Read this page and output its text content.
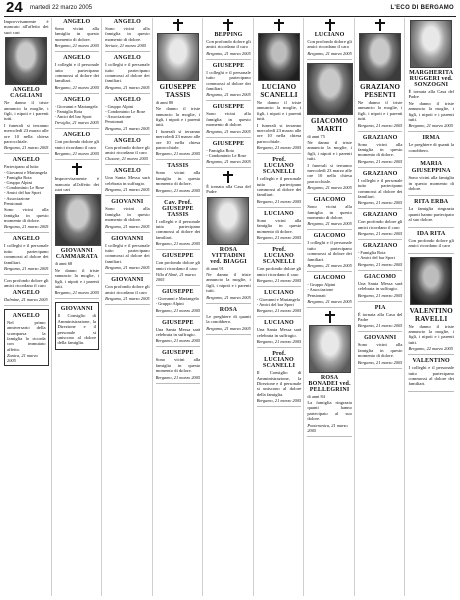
24 martedì 22 marzo 2005	L'ECO DI BERGAMO

Improvvisamente è mancato all'affetto dei suoi cari

ANGELO CAGLIANI

Ne danno il triste annuncio la moglie, i figli, i nipoti e i parenti tutti.

I funerali si terranno mercoledì 23 marzo alle ore 10 nella chiesa parrocchiale.

Bergamo, 21 marzo 2005

ANGELO

Partecipano al lutto:

- Giovanni e Mariangela

- Famiglia Rota

- Gruppo Alpini

- Condominio Le Rose

- Amici del bar Sport

- Associazione Pensionati

Sono vicini alla famiglia in questo momento di dolore.

Bergamo, 21 marzo 2005

ANGELO

I colleghi e il personale tutto partecipano commossi al dolore dei familiari.

Bergamo, 21 marzo 2005

Con profondo dolore gli amici ricordano il caro

ANGELO

Dalmine, 21 marzo 2005

ANGELO

Nel primo anniversario della scomparsa la famiglia lo ricorda con immutato affetto.

Zanica, 21 marzo 2005

ANGELO

Sono vicini alla famiglia in questo momento di dolore.

Bergamo, 21 marzo 2005

ANGELO

I colleghi e il personale tutto partecipano commossi al dolore dei familiari.

Bergamo, 21 marzo 2005

ANGELO

- Giovanni e Mariangela

- Famiglia Rota

- Amici del bar Sport

Treviglio, 21 marzo 2005

ANGELO

Con profondo dolore gli amici ricordano il caro

Bergamo, 21 marzo 2005

Improvvisamente è mancato all'affetto dei suoi cari

GIOVANNI CAMMARATA

di anni 68

Ne danno il triste annuncio la moglie, i figli, i nipoti e i parenti tutti.

Bergamo, 21 marzo 2005

GIOVANNI

Il Consiglio di Amministrazione, la Direzione e il personale si uniscono al dolore della famiglia.

ANGELO

Sono vicini alla famiglia in questo momento di dolore.

Seriate, 21 marzo 2005

ANGELO

I colleghi e il personale tutto partecipano commossi al dolore dei familiari.

Bergamo, 21 marzo 2005

ANGELO

- Gruppo Alpini

- Condominio Le Rose

- Associazione Pensionati

Bergamo, 21 marzo 2005

ANGELO

Con profondo dolore gli amici ricordano il caro

Clusone, 21 marzo 2005

ANGELO

Una Santa Messa sarà celebrata in suffragio.

Bergamo, 21 marzo 2005

GIOVANNI

Sono vicini alla famiglia in questo momento di dolore.

Bergamo, 21 marzo 2005

GIOVANNI

I colleghi e il personale tutto partecipano commossi al dolore dei familiari.

Bergamo, 21 marzo 2005

GIOVANNI

Con profondo dolore gli amici ricordano il caro

Bergamo, 21 marzo 2005

GIUSEPPE TASSIS

di anni 80

Ne danno il triste annuncio la moglie, i figli, i nipoti e i parenti tutti.

I funerali si terranno mercoledì 23 marzo alle ore 10 nella chiesa parrocchiale.

Bergamo, 21 marzo 2005

TASSIS

Sono vicini alla famiglia in questo momento di dolore.

Bergamo, 21 marzo 2005

Cav. Prof. GIUSEPPE TASSIS

I colleghi e il personale tutto partecipano commossi al dolore dei familiari.

Bergamo, 21 marzo 2005

GIUSEPPE

Con profondo dolore gli amici ricordano il caro

Villa d'Almè, 21 marzo 2005

GIUSEPPE

- Giovanni e Mariangela

- Gruppo Alpini

Bergamo, 21 marzo 2005

GIUSEPPE

Una Santa Messa sarà celebrata in suffragio.

Bergamo, 21 marzo 2005

GIUSEPPE

Sono vicini alla famiglia in questo momento di dolore.

Bergamo, 21 marzo 2005

BEPPING

Con profondo dolore gli amici ricordano il caro

Bergamo, 21 marzo 2005

GIUSEPPE

I colleghi e il personale tutto partecipano commossi al dolore dei familiari.

Bergamo, 21 marzo 2005

GIUSEPPE

Sono vicini alla famiglia in questo momento di dolore.

Bergamo, 21 marzo 2005

GIUSEPPE

- Famiglia Rota

- Condominio Le Rose

Bergamo, 21 marzo 2005

È tornata alla Casa del Padre

ROSA VITTADINI ved. BIAGGI

di anni 91

Ne danno il triste annuncio la moglie, i figli, i nipoti e i parenti tutti.

Bergamo, 21 marzo 2005

ROSA

Le preghiere di quanti la conobbero.

Bergamo, 21 marzo 2005

LUCIANO SCANELLI

Ne danno il triste annuncio la moglie, i figli, i nipoti e i parenti tutti.

I funerali si terranno mercoledì 23 marzo alle ore 10 nella chiesa parrocchiale.

Bergamo, 21 marzo 2005

Prof. LUCIANO SCANELLI

I colleghi e il personale tutto partecipano commossi al dolore dei familiari.

Bergamo, 21 marzo 2005

LUCIANO

Sono vicini alla famiglia in questo momento di dolore.

Bergamo, 21 marzo 2005

Prof. LUCIANO SCANELLI

Con profondo dolore gli amici ricordano il caro

Bergamo, 21 marzo 2005

LUCIANO

- Giovanni e Mariangela

- Amici del bar Sport

Bergamo, 21 marzo 2005

LUCIANO

Una Santa Messa sarà celebrata in suffragio.

Bergamo, 21 marzo 2005

Prof. LUCIANO SCANELLI

Il Consiglio di Amministrazione, la Direzione e il personale si uniscono al dolore della famiglia.

Bergamo, 21 marzo 2005

LUCIANO

Con profondo dolore gli amici ricordano il caro

Bergamo, 21 marzo 2005

GIACOMO MARTI

di anni 75

Ne danno il triste annuncio la moglie, i figli, i nipoti e i parenti tutti.

I funerali si terranno mercoledì 23 marzo alle ore 10 nella chiesa parrocchiale.

Bergamo, 21 marzo 2005

GIACOMO

Sono vicini alla famiglia in questo momento di dolore.

Bergamo, 21 marzo 2005

GIACOMO

I colleghi e il personale tutto partecipano commossi al dolore dei familiari.

Bergamo, 21 marzo 2005

GIACOMO

- Gruppo Alpini

- Associazione Pensionati

Bergamo, 21 marzo 2005

ROSA BONADEI ved. PELLEGRINI

di anni 84

La famiglia ringrazia quanti hanno partecipato al suo dolore.

Ponteranica, 21 marzo 2005

GRAZIANO PESENTI

Ne danno il triste annuncio la moglie, i figli, i nipoti e i parenti tutti.

Bergamo, 21 marzo 2005

GRAZIANO

Sono vicini alla famiglia in questo momento di dolore.

Bergamo, 21 marzo 2005

GRAZIANO

I colleghi e il personale tutto partecipano commossi al dolore dei familiari.

Bergamo, 21 marzo 2005

GRAZIANO

Con profondo dolore gli amici ricordano il caro

Bergamo, 21 marzo 2005

GRAZIANO

- Famiglia Rota

- Amici del bar Sport

Bergamo, 21 marzo 2005

GIACOMO

Una Santa Messa sarà celebrata in suffragio.

Bergamo, 21 marzo 2005

PIA

È tornata alla Casa del Padre

Bergamo, 21 marzo 2005

GIOVANNI

Sono vicini alla famiglia in questo momento di dolore.

Bergamo, 21 marzo 2005

MARGHERITA RUGGERI ved. SONZOGNI

È tornata alla Casa del Padre

Ne danno il triste annuncio la moglie, i figli, i nipoti e i parenti tutti.

Bergamo, 21 marzo 2005

IRMA

Le preghiere di quanti la conobbero.

MARIA

GIUSEPPINA

Sono vicini alla famiglia in questo momento di dolore.

RITA ERBA

La famiglia ringrazia quanti hanno partecipato al suo dolore.

IDA RITA

Con profondo dolore gli amici ricordano il caro

VALENTINO RAVELLI

Ne danno il triste annuncio la moglie, i figli, i nipoti e i parenti tutti.

Bergamo, 22 marzo 2005

VALENTINO

I colleghi e il personale tutto partecipano commossi al dolore dei familiari.
